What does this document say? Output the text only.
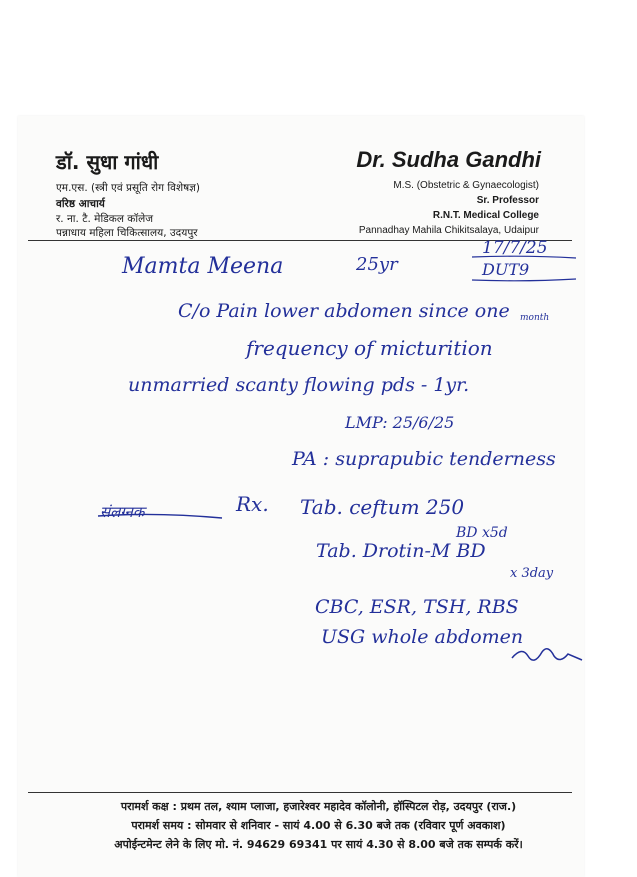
डॉ. सुधा गांधी
एम.एस. (स्त्री एवं प्रसूति रोग विशेषज्ञ)
वरिष्ठ आचार्य
र. ना. टै. मेडिकल कॉलेज
पन्नाधाय महिला चिकित्सालय, उदयपुर
Dr. Sudha Gandhi
M.S. (Obstetric & Gynaecologist)
Sr. Professor
R.N.T. Medical College
Pannadhay Mahila Chikitsalaya, Udaipur
17/7/25
DUT9
Mamta Meena	25yr
C/o Pain lower abdomen since one month
frequency of micturition
unmarried scanty flowing pds - 1yr.
LMP: 25/6/25
PA : suprapubic tenderness
संलग्नक	Rx. Tab. ceftum 250
BD x5d
Tab. Drotin-M BD
x 3day
CBC, ESR, TSH, RBS
USG whole abdomen
परामर्श कक्ष : प्रथम तल, श्याम प्लाजा, हजारेश्वर महादेव कॉलोनी, हॉस्पिटल रोड़, उदयपुर (राज.)
परामर्श समय : सोमवार से शनिवार - सायं 4.00 से 6.30 बजे तक (रविवार पूर्ण अवकाश)
अपोईन्टमेन्ट लेने के लिए मो. नं. 94629 69341 पर सायं 4.30 से 8.00 बजे तक सम्पर्क करें।
